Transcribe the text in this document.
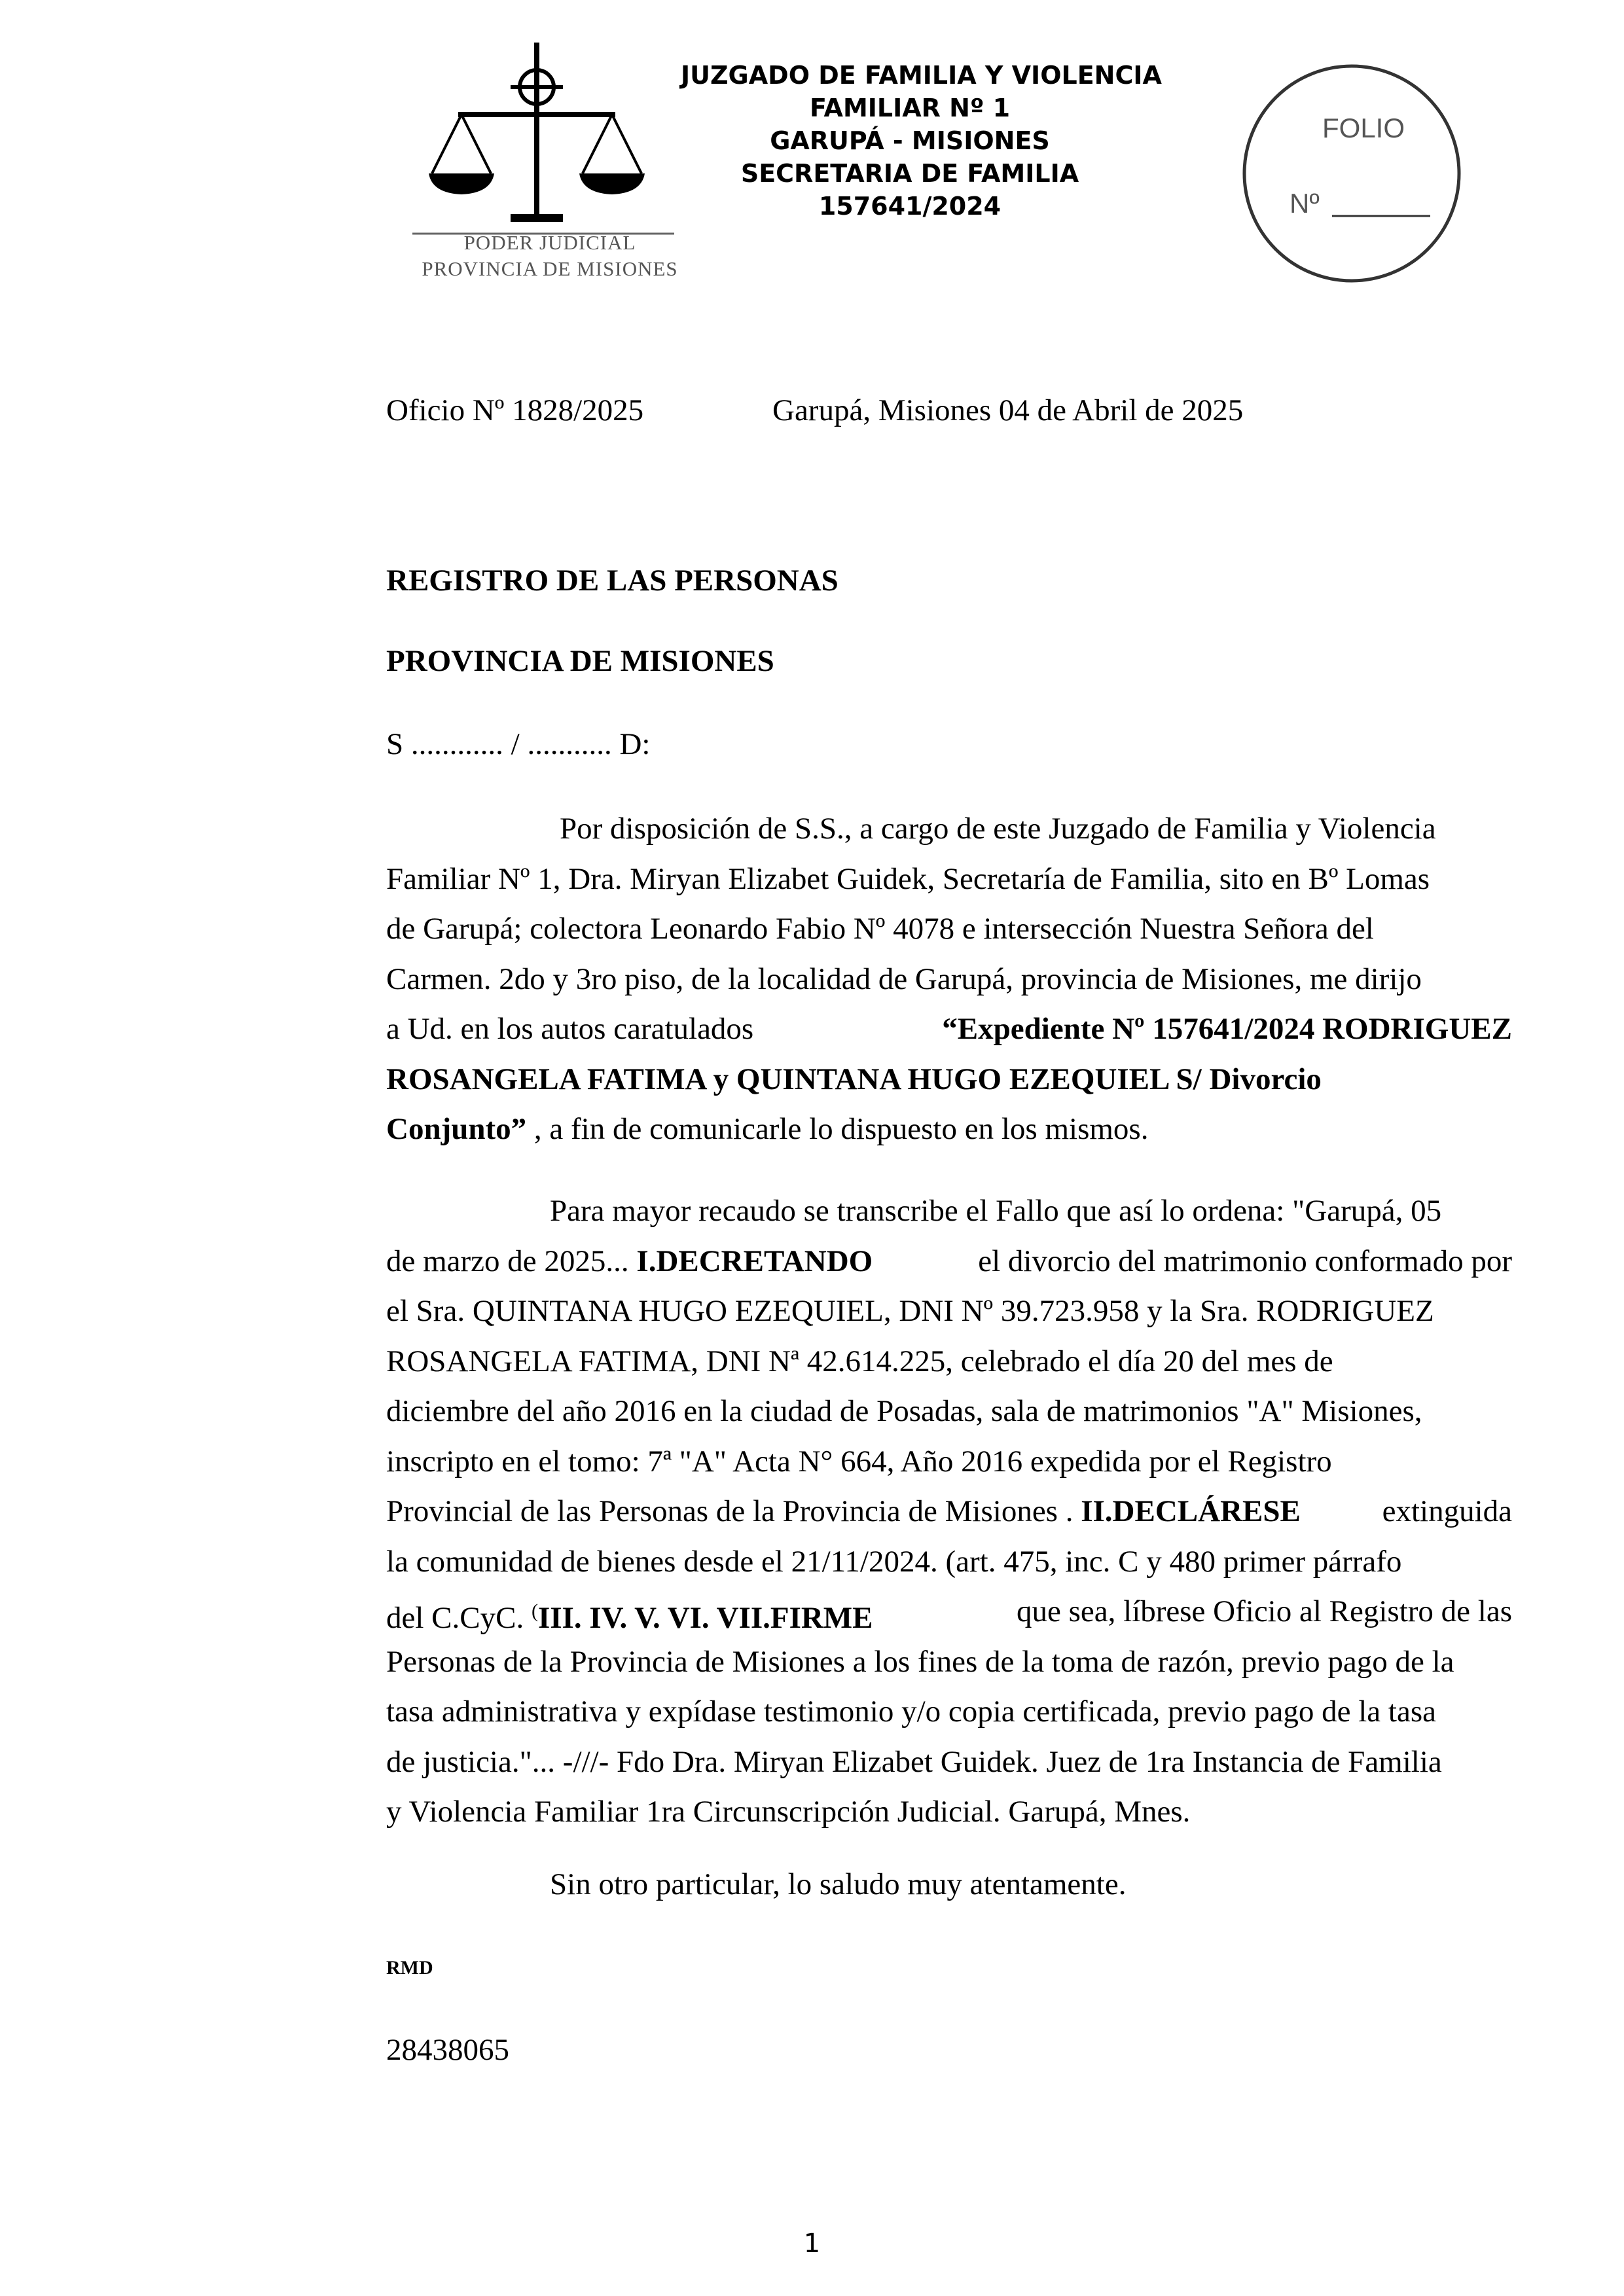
PODER JUDICIAL
PROVINCIA DE MISIONES
JUZGADO DE FAMILIA Y VIOLENCIA
FAMILIAR Nº 1
GARUPÁ - MISIONES
SECRETARIA DE FAMILIA
157641/2024
FOLIO
Nº
Oficio Nº 1828/2025	Garupá, Misiones 04 de Abril de 2025
REGISTRO DE LAS PERSONAS
PROVINCIA DE MISIONES
S ............ / ........... D:
Por disposición de S.S., a cargo de este Juzgado de Familia y Violencia
Familiar Nº 1, Dra. Miryan Elizabet Guidek, Secretaría de Familia, sito en Bº Lomas
de Garupá; colectora Leonardo Fabio Nº 4078 e intersección Nuestra Señora del
Carmen. 2do y 3ro piso, de la localidad de Garupá, provincia de Misiones, me dirijo
a Ud. en los autos caratulados	“Expediente Nº 157641/2024 RODRIGUEZ
ROSANGELA FATIMA y QUINTANA HUGO EZEQUIEL S/ Divorcio
Conjunto” , a fin de comunicarle lo dispuesto en los mismos.
Para mayor recaudo se transcribe el Fallo que así lo ordena: "Garupá, 05
de marzo de 2025... I.DECRETANDO	el divorcio del matrimonio conformado por
el Sra. QUINTANA HUGO EZEQUIEL, DNI Nº 39.723.958 y la Sra. RODRIGUEZ
ROSANGELA FATIMA, DNI Nª 42.614.225, celebrado el día 20 del mes de
diciembre del año 2016 en la ciudad de Posadas, sala de matrimonios "A" Misiones,
inscripto en el tomo: 7ª "A" Acta N° 664, Año 2016 expedida por el Registro
Provincial de las Personas de la Provincia de Misiones . II.DECLÁRESE	extinguida
la comunidad de bienes desde el 21/11/2024. (art. 475, inc. C y 480 primer párrafo
del C.CyC. (III. IV. V. VI. VII.FIRME	que sea, líbrese Oficio al Registro de las
Personas de la Provincia de Misiones a los fines de la toma de razón, previo pago de la
tasa administrativa y expídase testimonio y/o copia certificada, previo pago de la tasa
de justicia."... -///- Fdo Dra. Miryan Elizabet Guidek. Juez de 1ra Instancia de Familia
y Violencia Familiar 1ra Circunscripción Judicial. Garupá, Mnes.
Sin otro particular, lo saludo muy atentamente.
RMD
28438065
1
